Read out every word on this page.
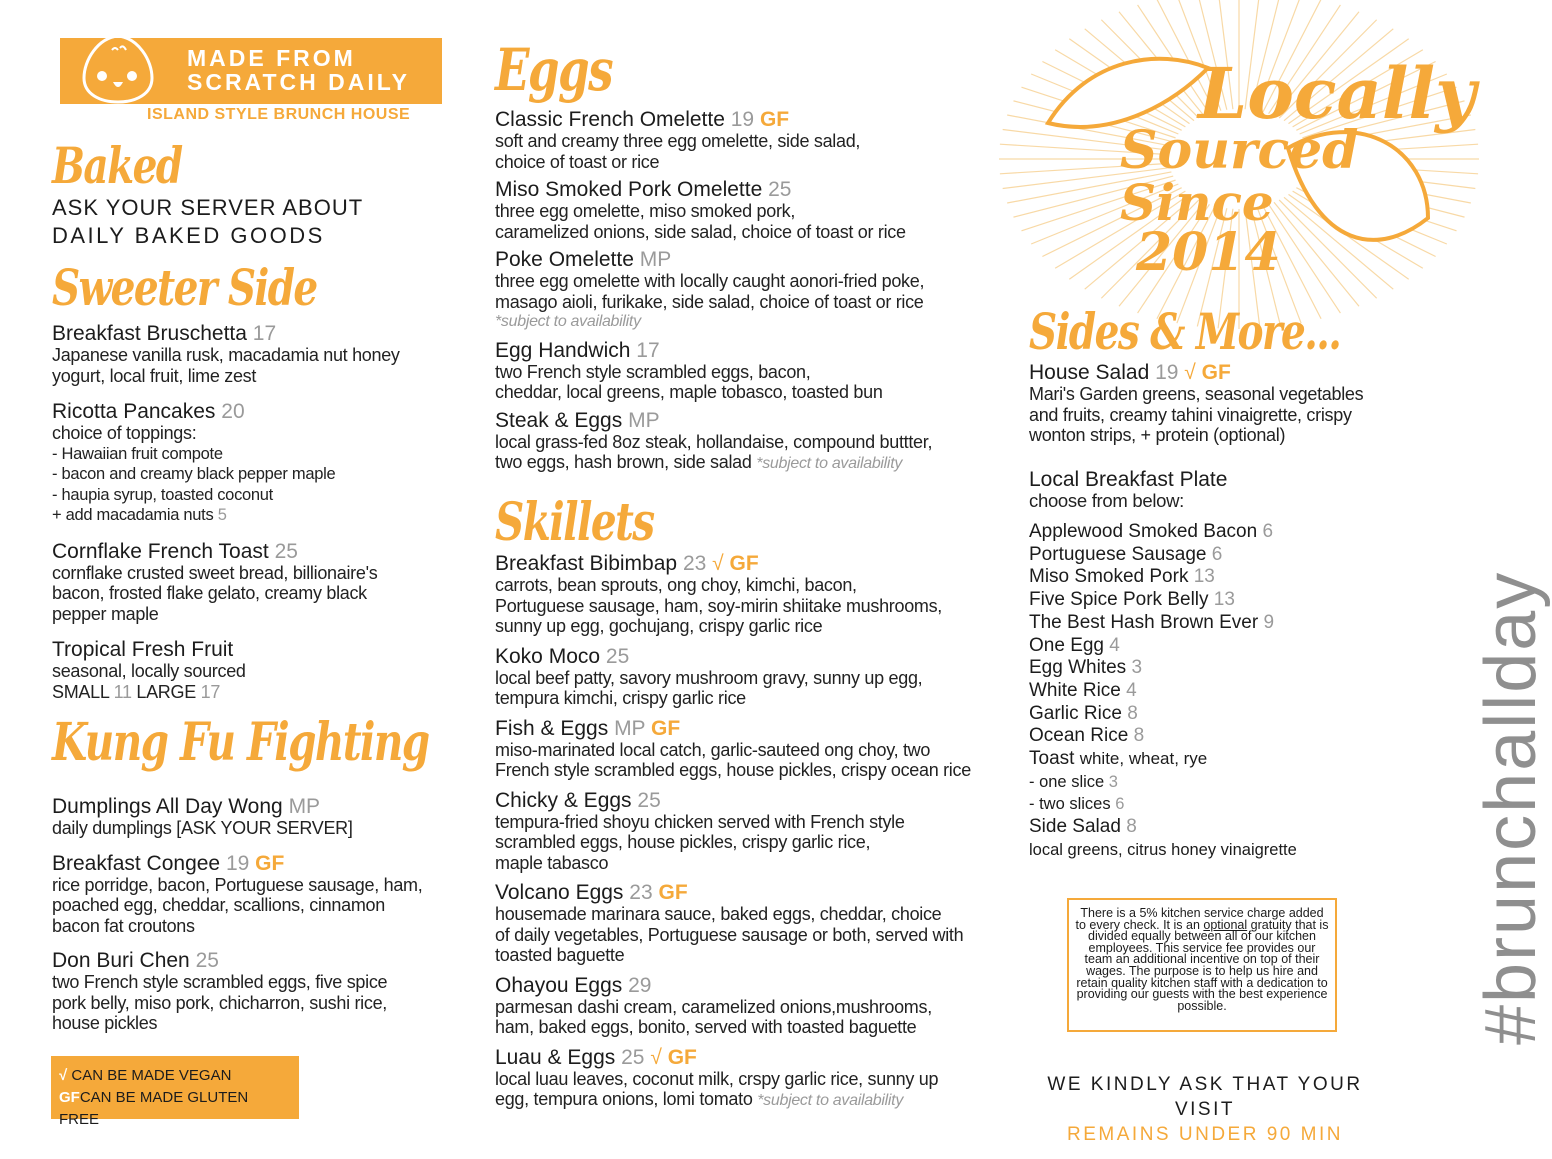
MADE FROM
SCRATCH DAILY
ISLAND STYLE BRUNCH HOUSE
Baked
ASK YOUR SERVER ABOUT
DAILY BAKED GOODS
Sweeter Side
Breakfast Bruschetta 17
Japanese vanilla rusk, macadamia nut honey
yogurt, local fruit, lime zest
Ricotta Pancakes 20
choice of toppings:
- Hawaiian fruit compote
- bacon and creamy black pepper maple
- haupia syrup, toasted coconut
+ add macadamia nuts 5
Cornflake French Toast 25
cornflake crusted sweet bread, billionaire's
bacon, frosted flake gelato, creamy black
pepper maple
Tropical Fresh Fruit
seasonal, locally sourced
SMALL 11 LARGE 17
Kung Fu Fighting
Dumplings All Day Wong MP
daily dumplings [ASK YOUR SERVER]
Breakfast Congee 19 GF
rice porridge, bacon, Portuguese sausage, ham,
poached egg, cheddar, scallions, cinnamon
bacon fat croutons
Don Buri Chen 25
two French style scrambled eggs, five spice
pork belly, miso pork, chicharron, sushi rice,
house pickles
√ CAN BE MADE VEGAN
GFCAN BE MADE GLUTEN FREE
Eggs
Classic French Omelette 19 GF
soft and creamy three egg omelette, side salad,
choice of toast or rice
Miso Smoked Pork Omelette 25
three egg omelette, miso smoked pork,
caramelized onions, side salad, choice of toast or rice
Poke Omelette MP
three egg omelette with locally caught aonori-fried poke,
masago aioli, furikake, side salad, choice of toast or rice
*subject to availability
Egg Handwich 17
two French style scrambled eggs, bacon,
cheddar, local greens, maple tobasco, toasted bun
Steak & Eggs MP
local grass-fed 8oz steak, hollandaise, compound buttter,
two eggs, hash brown, side salad *subject to availability
Skillets
Breakfast Bibimbap 23 √ GF
carrots, bean sprouts, ong choy, kimchi, bacon,
Portuguese sausage, ham, soy-mirin shiitake mushrooms,
sunny up egg, gochujang, crispy garlic rice
Koko Moco 25
local beef patty, savory mushroom gravy, sunny up egg,
tempura kimchi, crispy garlic rice
Fish & Eggs MP GF
miso-marinated local catch, garlic-sauteed ong choy, two
French style scrambled eggs, house pickles, crispy ocean rice
Chicky & Eggs 25
tempura-fried shoyu chicken served with French style
scrambled eggs, house pickles, crispy garlic rice,
maple tabasco
Volcano Eggs 23 GF
housemade marinara sauce, baked eggs, cheddar, choice
of daily vegetables, Portuguese sausage or both, served with
toasted baguette
Ohayou Eggs 29
parmesan dashi cream, caramelized onions,mushrooms,
ham, baked eggs, bonito, served with toasted baguette
Luau & Eggs 25 √ GF
local luau leaves, coconut milk, crspy garlic rice, sunny up
egg, tempura onions, lomi tomato *subject to availability
Locally
Sourced
Since
2014
Sides & More...
House Salad 19 √ GF
Mari's Garden greens, seasonal vegetables
and fruits, creamy tahini vinaigrette, crispy
wonton strips, + protein (optional)
Local Breakfast Plate
choose from below:
Applewood Smoked Bacon 6
Portuguese Sausage 6
Miso Smoked Pork 13
Five Spice Pork Belly 13
The Best Hash Brown Ever 9
One Egg 4
Egg Whites 3
White Rice 4
Garlic Rice 8
Ocean Rice 8
Toast white, wheat, rye
- one slice 3
- two slices 6
Side Salad 8
local greens, citrus honey vinaigrette
There is a 5% kitchen service charge added to every check. It is an optional gratuity that is divided equally between all of our kitchen employees. This service fee provides our team an additional incentive on top of their wages. The purpose is to help us hire and retain quality kitchen staff with a dedication to providing our guests with the best experience possible.
WE KINDLY ASK THAT YOUR VISIT
REMAINS UNDER 90 MIN
#brunchallday
